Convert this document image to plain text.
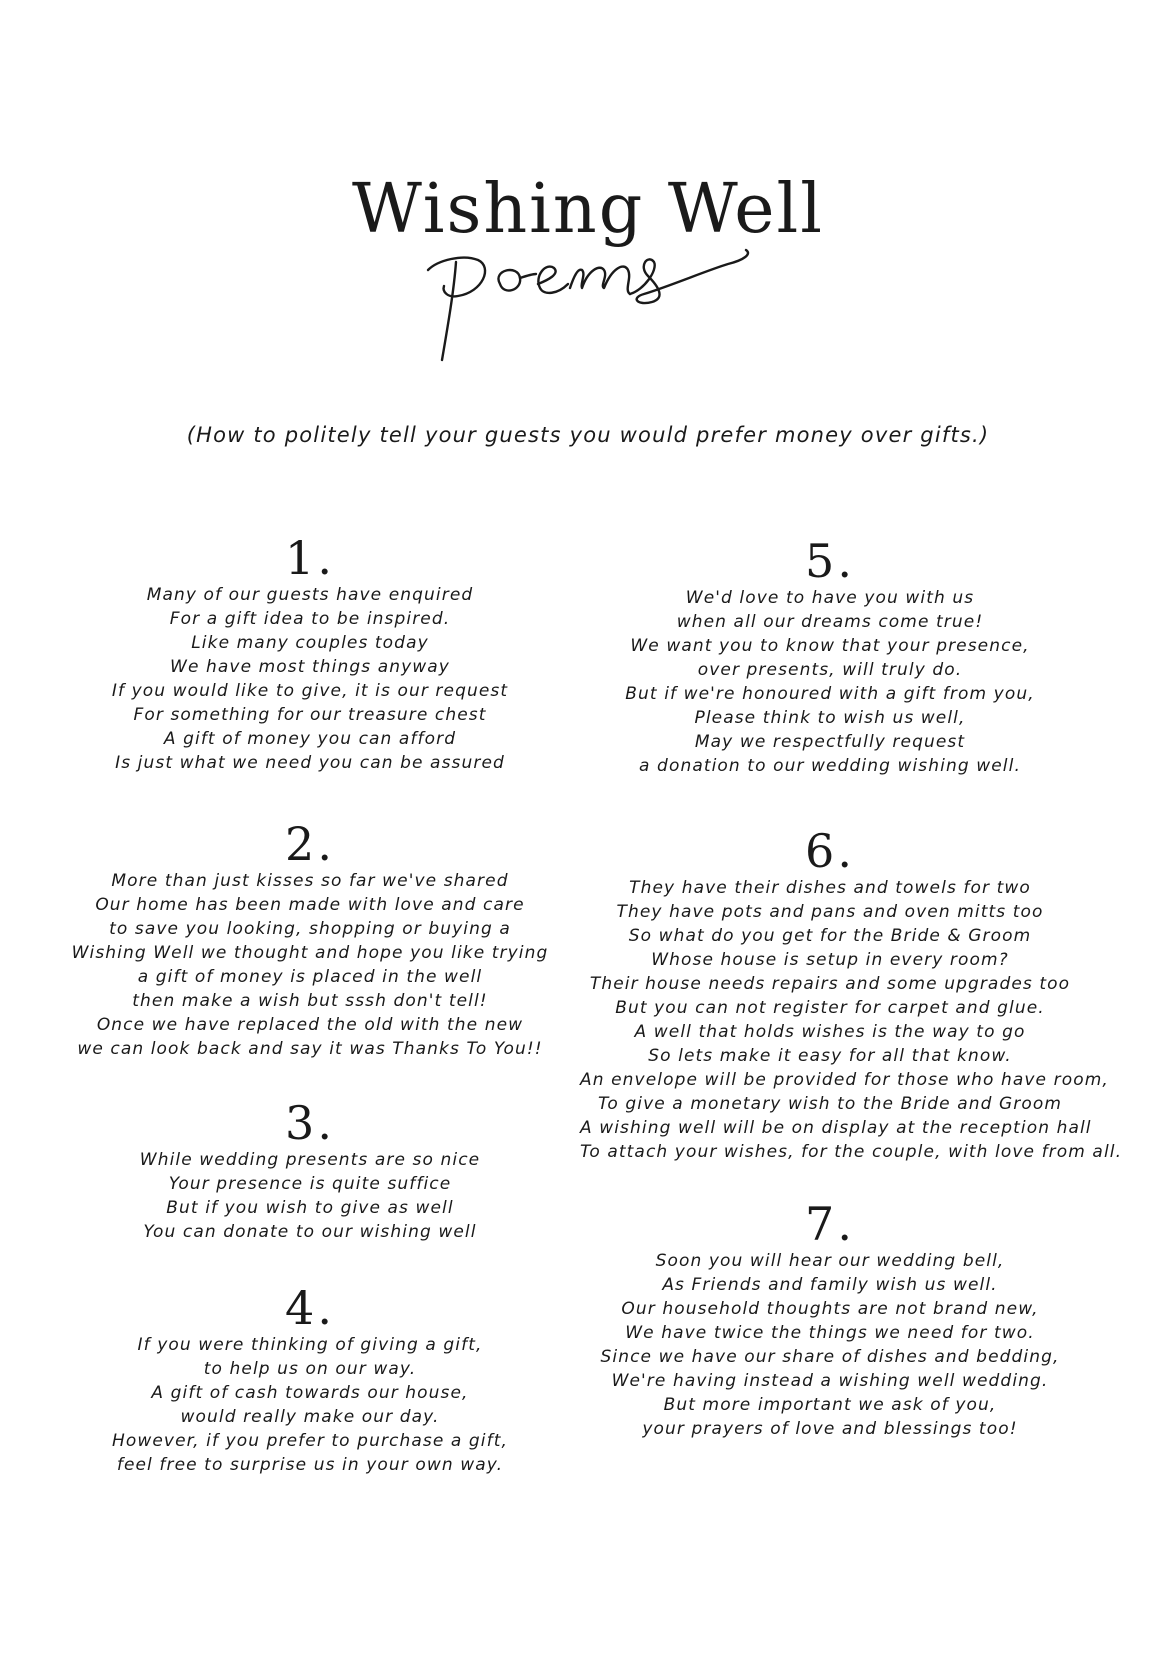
Wishing Well
(How to politely tell your guests you would prefer money over gifts.)
1.
Many of our guests have enquired
For a gift idea to be inspired.
Like many couples today
We have most things anyway
If you would like to give, it is our request
For something for our treasure chest
A gift of money you can afford
Is just what we need you can be assured
2.
More than just kisses so far we've shared
Our home has been made with love and care
to save you looking, shopping or buying a
Wishing Well we thought and hope you like trying
a gift of money is placed in the well
then make a wish but sssh don't tell!
Once we have replaced the old with the new
we can look back and say it was Thanks To You!!
3.
While wedding presents are so nice
Your presence is quite suffice
But if you wish to give as well
You can donate to our wishing well
4.
If you were thinking of giving a gift,
to help us on our way.
A gift of cash towards our house,
would really make our day.
However, if you prefer to purchase a gift,
feel free to surprise us in your own way.
5.
We'd love to have you with us
when all our dreams come true!
We want you to know that your presence,
over presents, will truly do.
But if we're honoured with a gift from you,
Please think to wish us well,
May we respectfully request
a donation to our wedding wishing well.
6.
They have their dishes and towels for two
They have pots and pans and oven mitts too
So what do you get for the Bride & Groom
Whose house is setup in every room?
Their house needs repairs and some upgrades too
But you can not register for carpet and glue.
A well that holds wishes is the way to go
So lets make it easy for all that know.
An envelope will be provided for those who have room,
To give a monetary wish to the Bride and Groom
A wishing well will be on display at the reception hall
To attach your wishes, for the couple, with love from all.
7.
Soon you will hear our wedding bell,
As Friends and family wish us well.
Our household thoughts are not brand new,
We have twice the things we need for two.
Since we have our share of dishes and bedding,
We're having instead a wishing well wedding.
But more important we ask of you,
your prayers of love and blessings too!
